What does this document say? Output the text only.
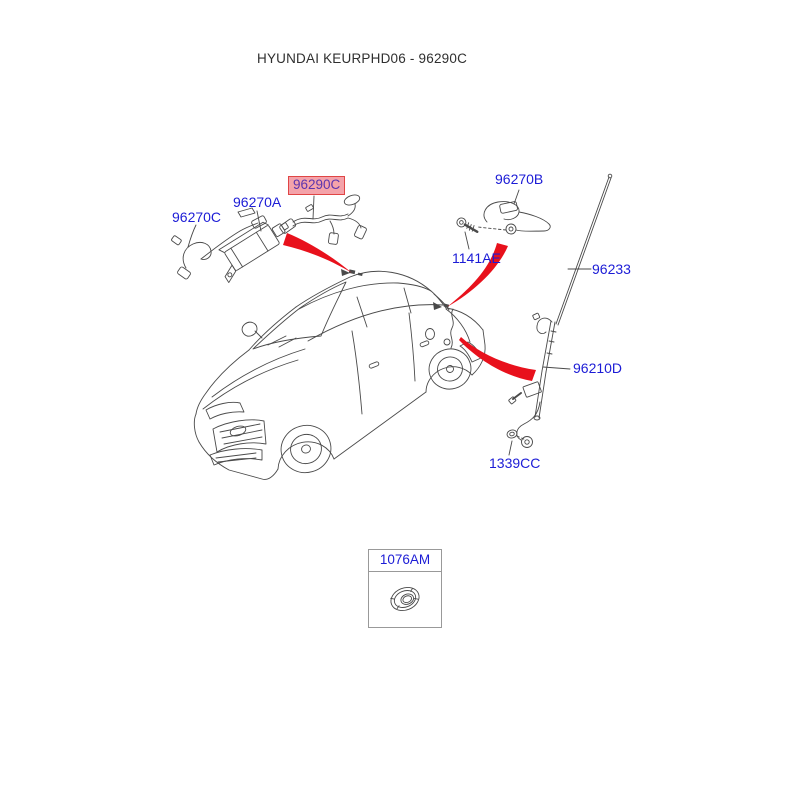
HYUNDAI KEURPHD06 - 96290C
96270C
96270A
96290C	96270B
1141AE
96233
96210D
1339CC
1076AM
